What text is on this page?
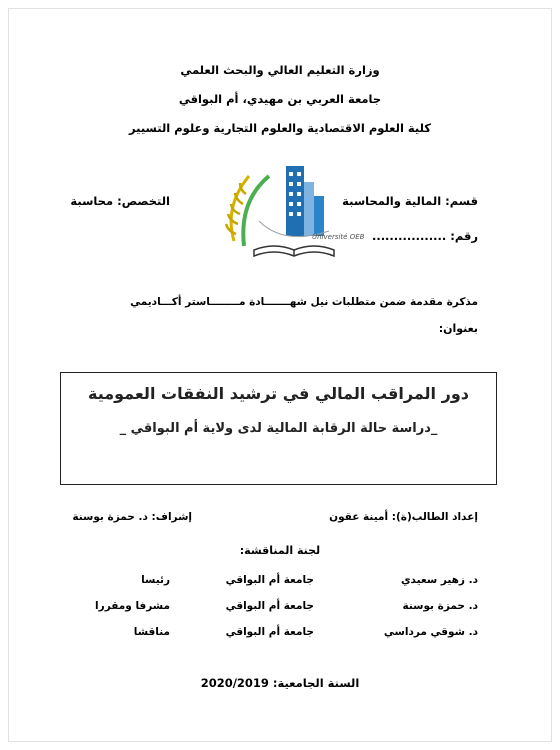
وزارة التعليم العالي والبحث العلمي
جامعة العربي بن مهيدي، أم البواقي
كلية العلوم الاقتصادية والعلوم التجارية وعلوم التسيير
قسم: المالية والمحاسبة
التخصص: محاسبة
رقم: .................
Université OEB
مذكرة مقدمة ضمن متطلبات نيل شهـــــــادة مــــــــاستر أكـــاديمي
بعنوان:
دور المراقب المالي في ترشيد النفقات العمومية
_دراسة حالة الرقابة المالية لدى ولاية أم البواقي _
إعداد الطالب(ة): أمينة عقون
إشراف: د. حمزة بوسنة
لجنة المناقشة:
د. زهير سعيدي
جامعة أم البواقي
رئيسا
د. حمزة بوسنة
جامعة أم البواقي
مشرفا ومقررا
د. شوقي مرداسي
جامعة أم البواقي
مناقشا
السنة الجامعية: 2020/2019
